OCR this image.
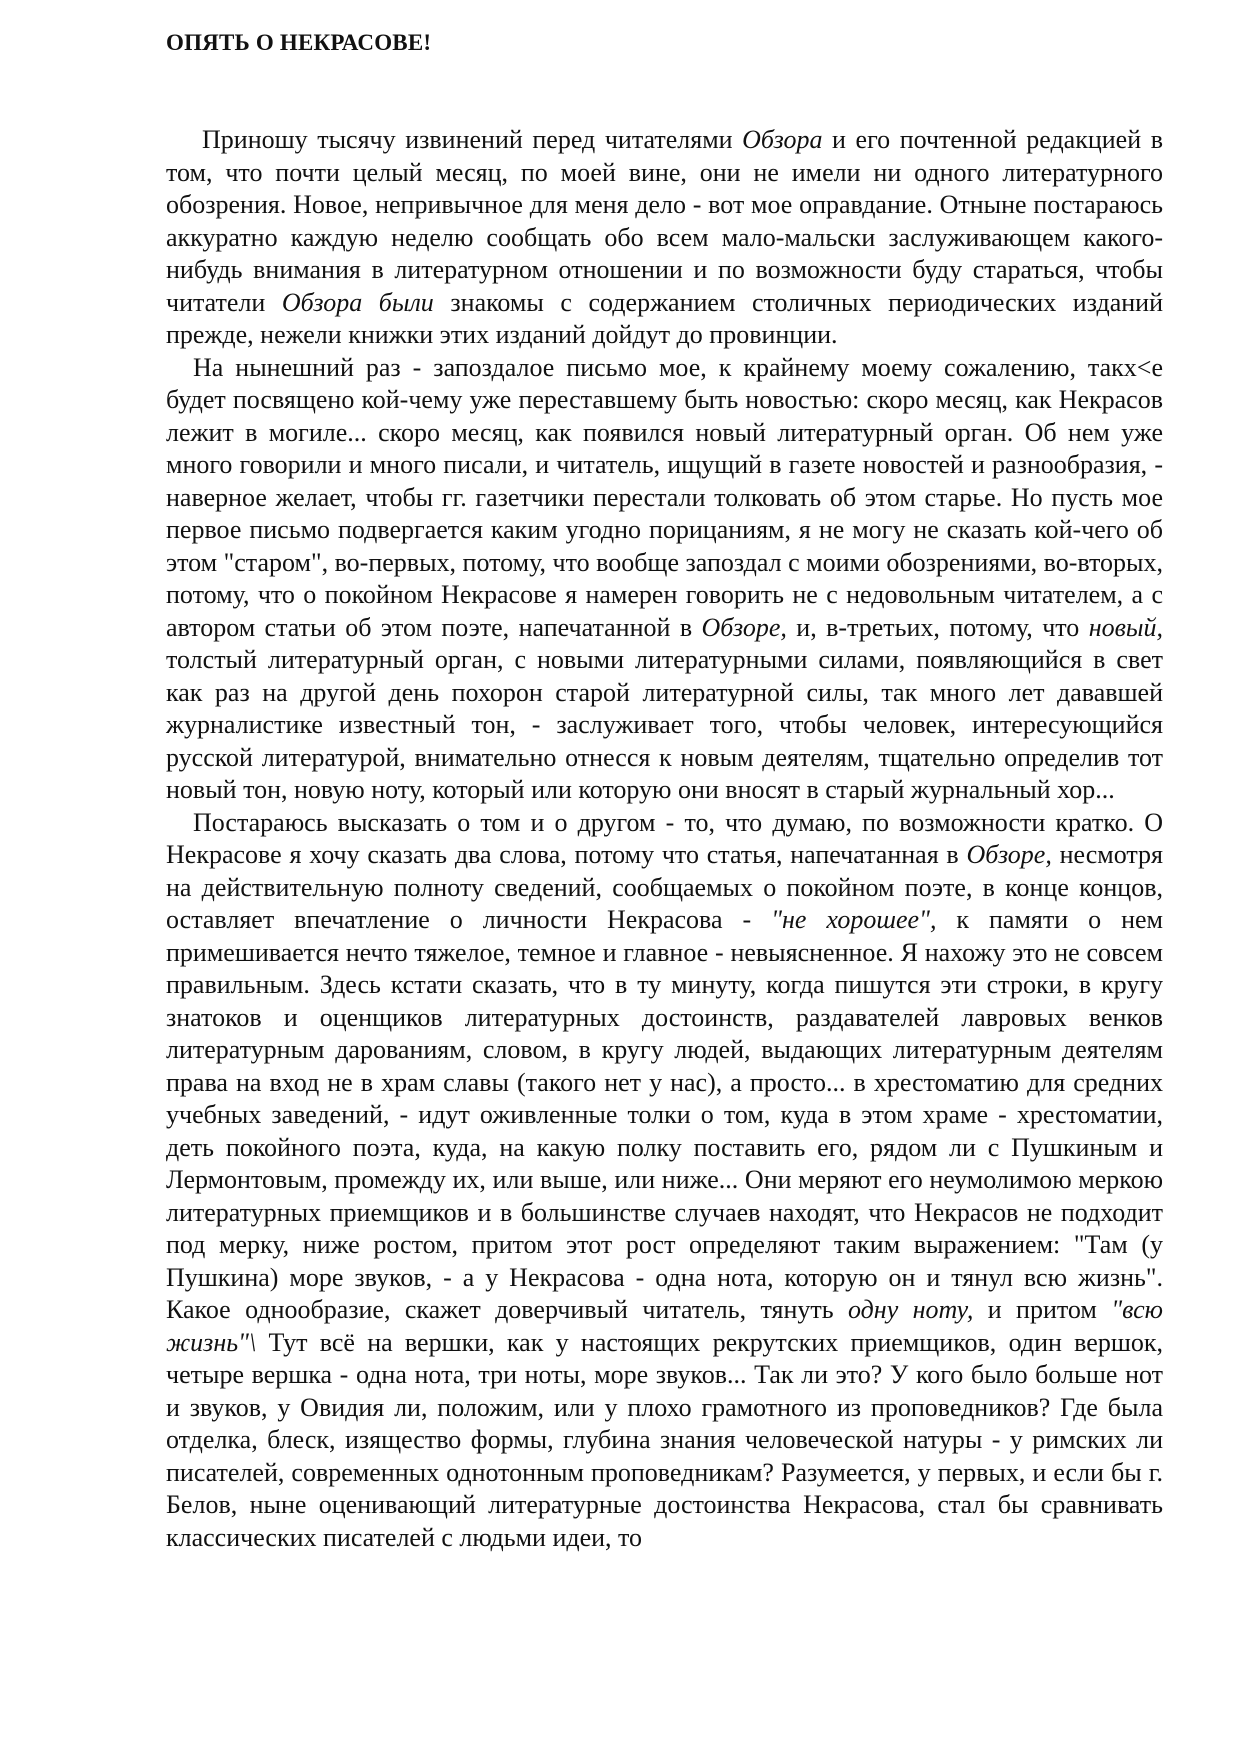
ОПЯТЬ О НЕКРАСОВЕ!

Приношу тысячу извинений перед читателями Обзора и его почтенной редакцией в том, что почти целый месяц, по моей вине, они не имели ни одного литературного обозрения. Новое, непривычное для меня дело - вот мое оправдание. Отныне постараюсь аккуратно каждую неделю сообщать обо всем мало-мальски заслуживающем какого-нибудь внимания в литературном отношении и по возможности буду стараться, чтобы читатели Обзора были знакомы с содержанием столичных периодических изданий прежде, нежели книжки этих изданий дойдут до провинции.

На нынешний раз - запоздалое письмо мое, к крайнему моему сожалению, такх<е будет посвящено кой-чему уже переставшему быть новостью: скоро месяц, как Некрасов лежит в могиле... скоро месяц, как появился новый литературный орган. Об нем уже много говорили и много писали, и читатель, ищущий в газете новостей и разнообразия, - наверное желает, чтобы гг. газетчики перестали толковать об этом старье. Но пусть мое первое письмо подвергается каким угодно порицаниям, я не могу не сказать кой-чего об этом "старом", во-первых, потому, что вообще запоздал с моими обозрениями, во-вторых, потому, что о покойном Некрасове я намерен говорить не с недовольным читателем, а с автором статьи об этом поэте, напечатанной в Обзоре, и, в-третьих, потому, что новый, толстый литературный орган, с новыми литературными силами, появляющийся в свет как раз на другой день похорон старой литературной силы, так много лет дававшей журналистике известный тон, - заслуживает того, чтобы человек, интересующийся русской литературой, внимательно отнесся к новым деятелям, тщательно определив тот новый тон, новую ноту, который или которую они вносят в старый журнальный хор...

Постараюсь высказать о том и о другом - то, что думаю, по возможности кратко. О Некрасове я хочу сказать два слова, потому что статья, напечатанная в Обзоре, несмотря на действительную полноту сведений, сообщаемых о покойном поэте, в конце концов, оставляет впечатление о личности Некрасова - "не хорошее", к памяти о нем примешивается нечто тяжелое, темное и главное - невыясненное. Я нахожу это не совсем правильным. Здесь кстати сказать, что в ту минуту, когда пишутся эти строки, в кругу знатоков и оценщиков литературных достоинств, раздавателей лавровых венков литературным дарованиям, словом, в кругу людей, выдающих литературным деятелям права на вход не в храм славы (такого нет у нас), а просто... в хрестоматию для средних учебных заведений, - идут оживленные толки о том, куда в этом храме - хрестоматии, деть покойного поэта, куда, на какую полку поставить его, рядом ли с Пушкиным и Лермонтовым, промежду их, или выше, или ниже... Они меряют его неумолимою меркою литературных приемщиков и в большинстве случаев находят, что Некрасов не подходит под мерку, ниже ростом, притом этот рост определяют таким выражением: "Там (у Пушкина) море звуков, - а у Некрасова - одна нота, которую он и тянул всю жизнь". Какое однообразие, скажет доверчивый читатель, тянуть одну ноту, и притом "всю жизнь"\ Тут всё на вершки, как у настоящих рекрутских приемщиков, один вершок, четыре вершка - одна нота, три ноты, море звуков... Так ли это? У кого было больше нот и звуков, у Овидия ли, положим, или у плохо грамотного из проповедников? Где была отделка, блеск, изящество формы, глубина знания человеческой натуры - у римских ли писателей, современных однотонным проповедникам? Разумеется, у первых, и если бы г. Белов, ныне оценивающий литературные достоинства Некрасова, стал бы сравнивать классических писателей с людьми идеи, то
